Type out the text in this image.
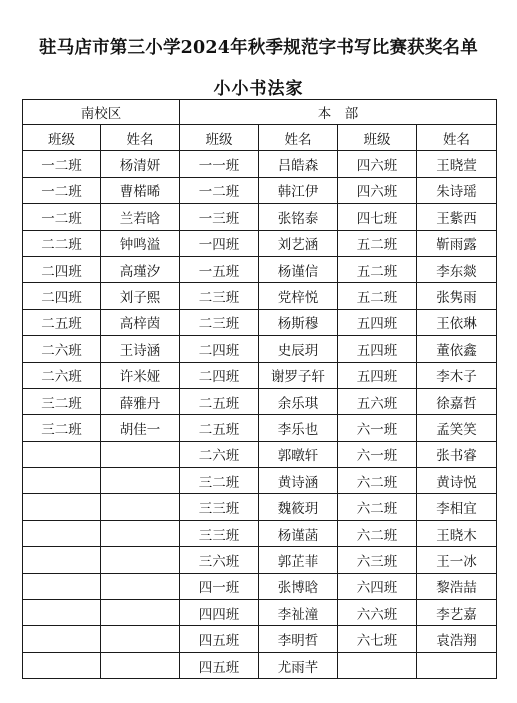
驻马店市第三小学2024年秋季规范字书写比赛获奖名单
小小书法家
南校区		本　部			
班级	姓名	班级	姓名	班级	姓名
一二班	杨清妍	一一班	吕皓森	四六班	王晓萱
一二班	曹楉晞	一二班	韩江伊	四六班	朱诗瑶
一二班	兰若晗	一三班	张铭泰	四七班	王紫西
二二班	钟鸣溢	一四班	刘艺涵	五二班	靳雨露
二四班	高瑾汐	一五班	杨谨信	五二班	李东燚
二四班	刘子熙	二三班	党梓悦	五二班	张隽雨
二五班	高梓茵	二三班	杨斯穆	五四班	王依琳
二六班	王诗涵	二四班	史辰玥	五四班	董依鑫
二六班	许米娅	二四班	谢罗子轩	五四班	李木子
三二班	薛雅丹	二五班	余乐琪	五六班	徐嘉哲
三二班	胡佳一	二五班	李乐也	六一班	孟笑笑
		二六班	郭暾轩	六一班	张书睿
		三二班	黄诗涵	六二班	黄诗悦
		三三班	魏筱玥	六二班	李相宜
		三三班	杨谨菡	六二班	王晓木
		三六班	郭芷菲	六三班	王一冰
		四一班	张博晗	六四班	黎浩喆
		四四班	李祉潼	六六班	李艺嘉
		四五班	李明哲	六七班	袁浩翔
		四五班	尤雨芊		
